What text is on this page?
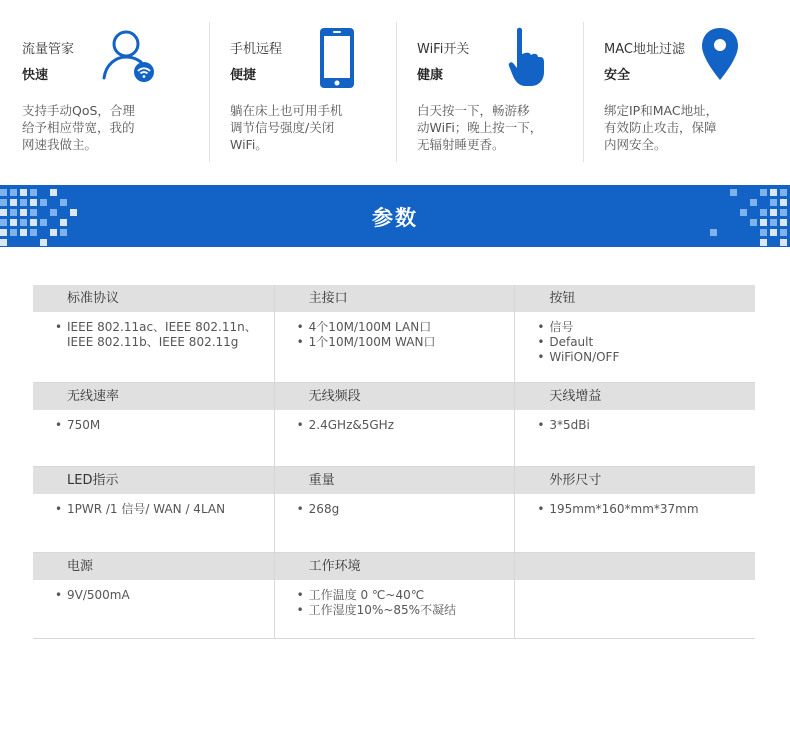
流量管家
快速
支持手动QoS，合理
给予相应带宽，我的
网速我做主。
手机远程
便捷
躺在床上也可用手机
调节信号强度/关闭
WiFi。
WiFi开关
健康
白天按一下，畅游移
动WiFi；晚上按一下，
无辐射睡更香。
MAC地址过滤
安全
绑定IP和MAC地址，
有效防止攻击，保障
内网安全。
参数
标准协议
• IEEE 802.11ac、IEEE 802.11n、
IEEE 802.11b、IEEE 802.11g
主接口
• 4个10M/100M LAN口
• 1个10M/100M WAN口
按钮
• 信号
• Default
• WiFiON/OFF
无线速率
• 750M
无线频段
• 2.4GHz&5GHz
天线增益
• 3*5dBi
LED指示
• 1PWR /1 信号/ WAN / 4LAN
重量
• 268g
外形尺寸
• 195mm*160*mm*37mm
电源
• 9V/500mA
工作环境
• 工作温度 0 ℃~40℃
• 工作湿度10%~85%不凝结
